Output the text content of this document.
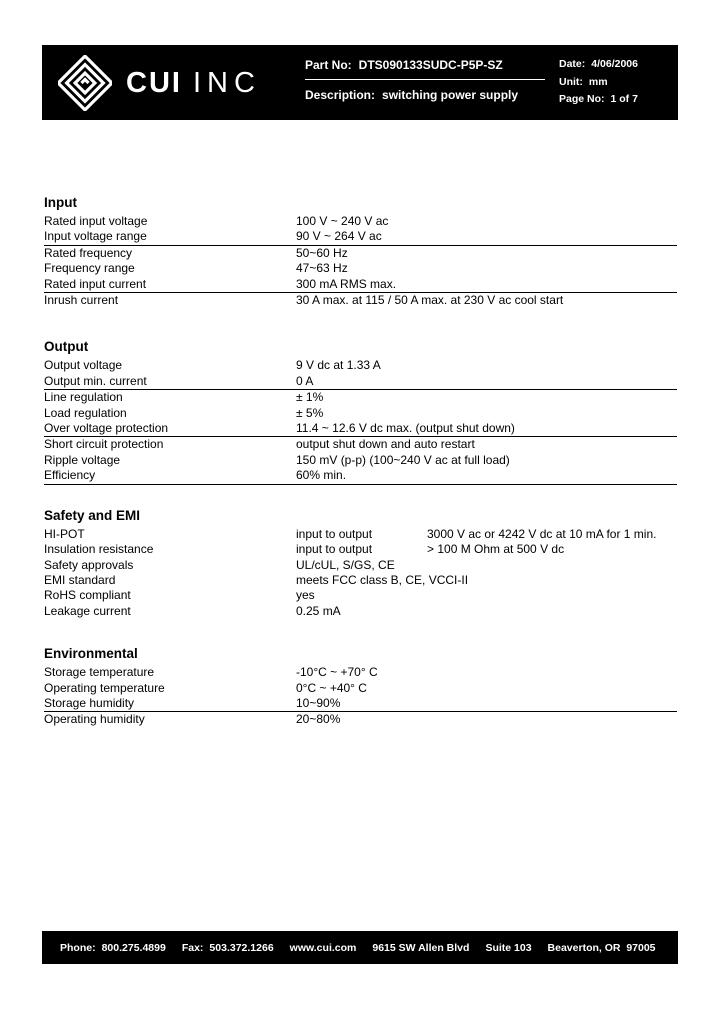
CUI INC
Part No: DTS090133SUDC-P5P-SZ
Description: switching power supply
Date: 4/06/2006
Unit: mm
Page No: 1 of 7
Input
Rated input voltage	100 V ~ 240 V ac
Input voltage range	90 V ~ 264 V ac
Rated frequency	50~60 Hz
Frequency range	47~63 Hz
Rated input current	300 mA RMS max.
Inrush current	30 A max. at 115 / 50 A max. at 230 V ac cool start
Output
Output voltage	9 V dc at 1.33 A
Output min. current	0 A
Line regulation	± 1%
Load regulation	± 5%
Over voltage protection	11.4 ~ 12.6 V dc max. (output shut down)
Short circuit protection	output shut down and auto restart
Ripple voltage	150 mV (p-p) (100~240 V ac at full load)
Efficiency	60% min.
Safety and EMI
HI-POT	input to output	3000 V ac or 4242 V dc at 10 mA for 1 min.
Insulation resistance	input to output	> 100 M Ohm at 500 V dc
Safety approvals	UL/cUL, S/GS, CE
EMI standard	meets FCC class B, CE, VCCI-II
RoHS compliant	yes
Leakage current	0.25 mA
Environmental
Storage temperature	-10°C ~ +70° C
Operating temperature	0°C ~ +40° C
Storage humidity	10~90%
Operating humidity	20~80%
Phone: 800.275.4899 Fax: 503.372.1266 www.cui.com 9615 SW Allen Blvd Suite 103 Beaverton, OR  97005
